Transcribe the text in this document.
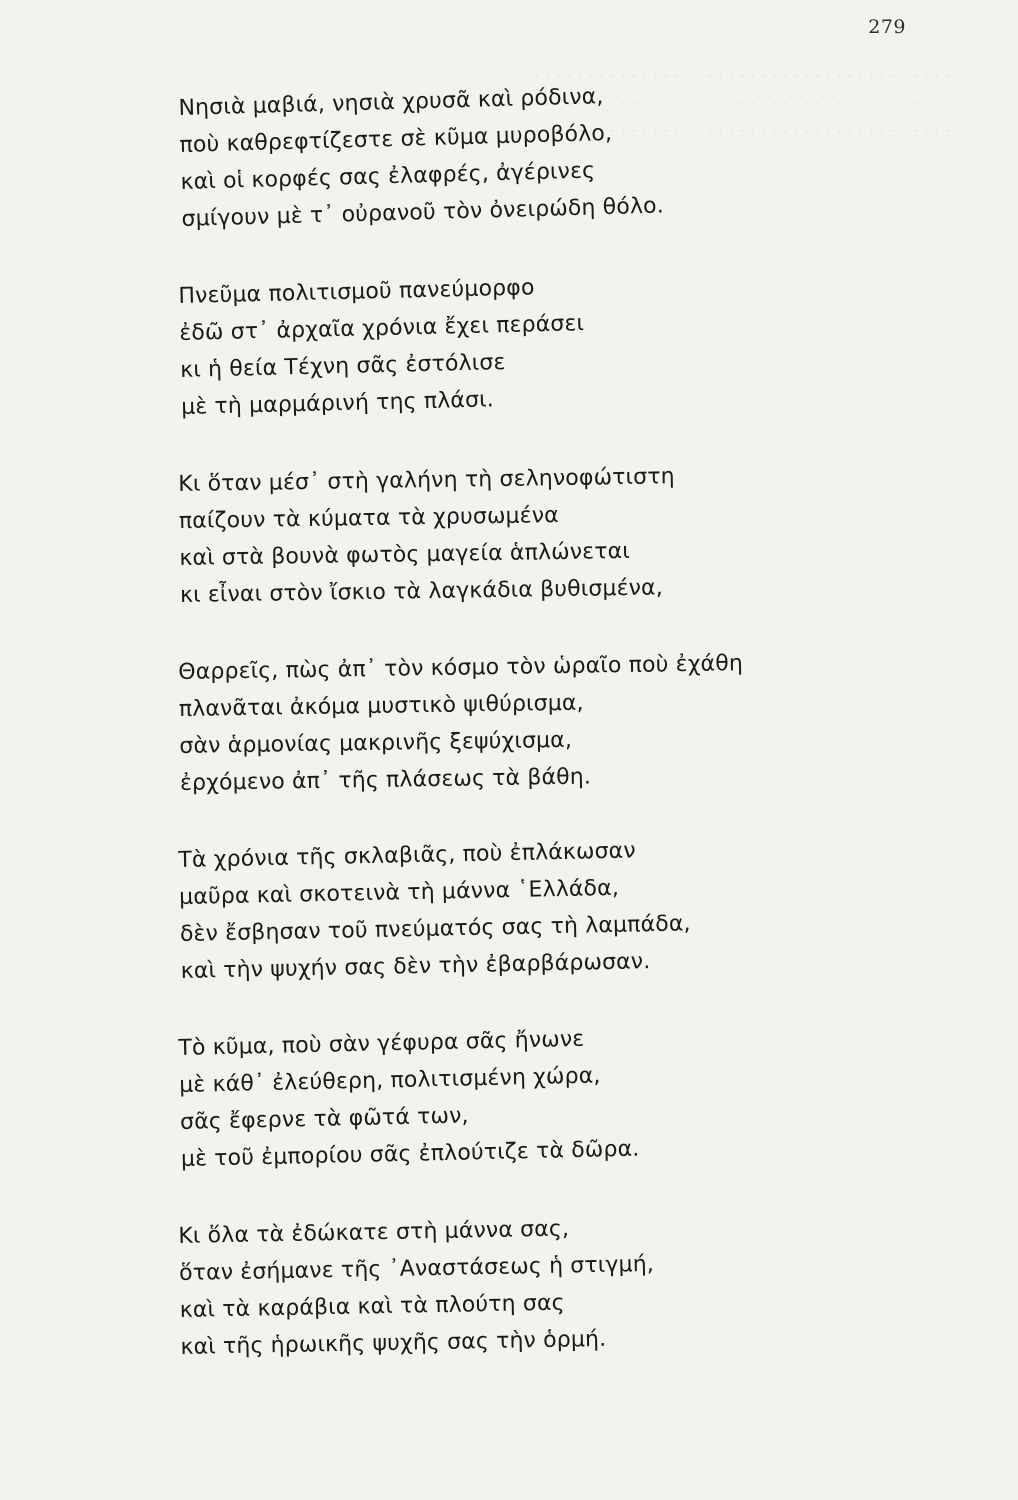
. . . . . . . . . . . . . . . . . . . . . . . . . . . . . . . . . . . . . . .
. . . . . . . . . . . . . . . . . . . . . . . . . . . . . . . . . . . . . . . . . .
. . . . . . . . . . . . . . . . . . . . . . . . . . . . . . . . . . . . . . . . . .
279
Νησιὰ μαβιά, νησιὰ χρυσᾶ καὶ ρόδινα,
ποὺ καθρεφτίζεστε σὲ κῦμα μυροβόλο,
καὶ οἱ κορφές σας ἐλαφρές, ἀγέρινες
σμίγουν μὲ τ᾽ οὐρανοῦ τὸν ὀνειρώδη θόλο.
Πνεῦμα πολιτισμοῦ πανεύμορφο
ἐδῶ στ᾽ ἀρχαῖα χρόνια ἔχει περάσει
κι ἡ θεία Τέχνη σᾶς ἐστόλισε
μὲ τὴ μαρμάρινή της πλάσι.
Κι ὅταν μέσ᾽ στὴ γαλήνη τὴ σεληνοφώτιστη
παίζουν τὰ κύματα τὰ χρυσωμένα
καὶ στὰ βουνὰ φωτὸς μαγεία ἁπλώνεται
κι εἶναι στὸν ἴσκιο τὰ λαγκάδια βυθισμένα,
Θαρρεῖς, πὼς ἀπ᾽ τὸν κόσμο τὸν ὡραῖο ποὺ ἐχάθη
πλανᾶται ἀκόμα μυστικὸ ψιθύρισμα,
σὰν ἁρμονίας μακρινῆς ξεψύχισμα,
ἐρχόμενο ἀπ᾽ τῆς πλάσεως τὰ βάθη.
Τὰ χρόνια τῆς σκλαβιᾶς, ποὺ ἐπλάκωσαν
μαῦρα καὶ σκοτεινὰ τὴ μάννα ῾Ελλάδα,
δὲν ἔσβησαν τοῦ πνεύματός σας τὴ λαμπάδα,
καὶ τὴν ψυχήν σας δὲν τὴν ἐβαρβάρωσαν.
Τὸ κῦμα, ποὺ σὰν γέφυρα σᾶς ἤνωνε
μὲ κάθ᾽ ἐλεύθερη, πολιτισμένη χώρα,
σᾶς ἔφερνε τὰ φῶτά των,
μὲ τοῦ ἐμπορίου σᾶς ἐπλούτιζε τὰ δῶρα.
Κι ὅλα τὰ ἐδώκατε στὴ μάννα σας,
ὅταν ἐσήμανε τῆς ᾽Αναστάσεως ἡ στιγμή,
καὶ τὰ καράβια καὶ τὰ πλούτη σας
καὶ τῆς ἡρωικῆς ψυχῆς σας τὴν ὁρμή.
